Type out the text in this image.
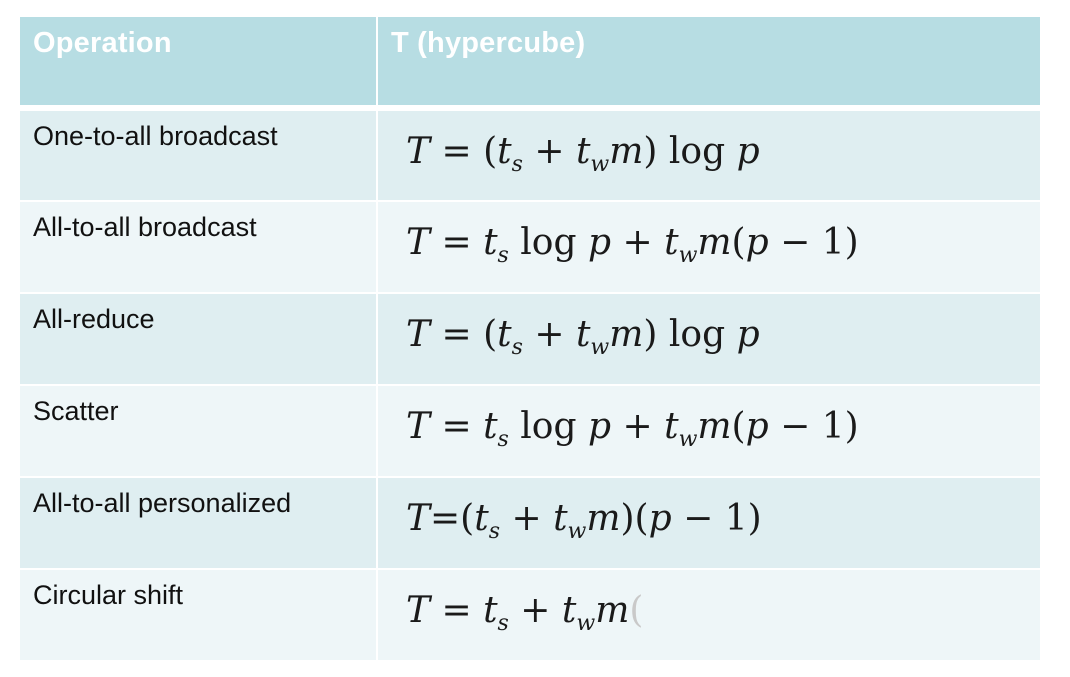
Operation	T (hypercube)
One-to-all broadcast	$T = (t_s + t_wm)$ log p
All-to-all broadcast	$T = t_s$ $\log p + t_wm(p - 1)$
All-reduce	$T = (t_s + t_wm)$ log p
Scatter	$T = t_s$ $\log p + t_wm(p - 1)$
All-to-all personalized	$T=(t_s + t_wm)(p - 1)$
Circular shift	$T = t_s + t_wm$(
